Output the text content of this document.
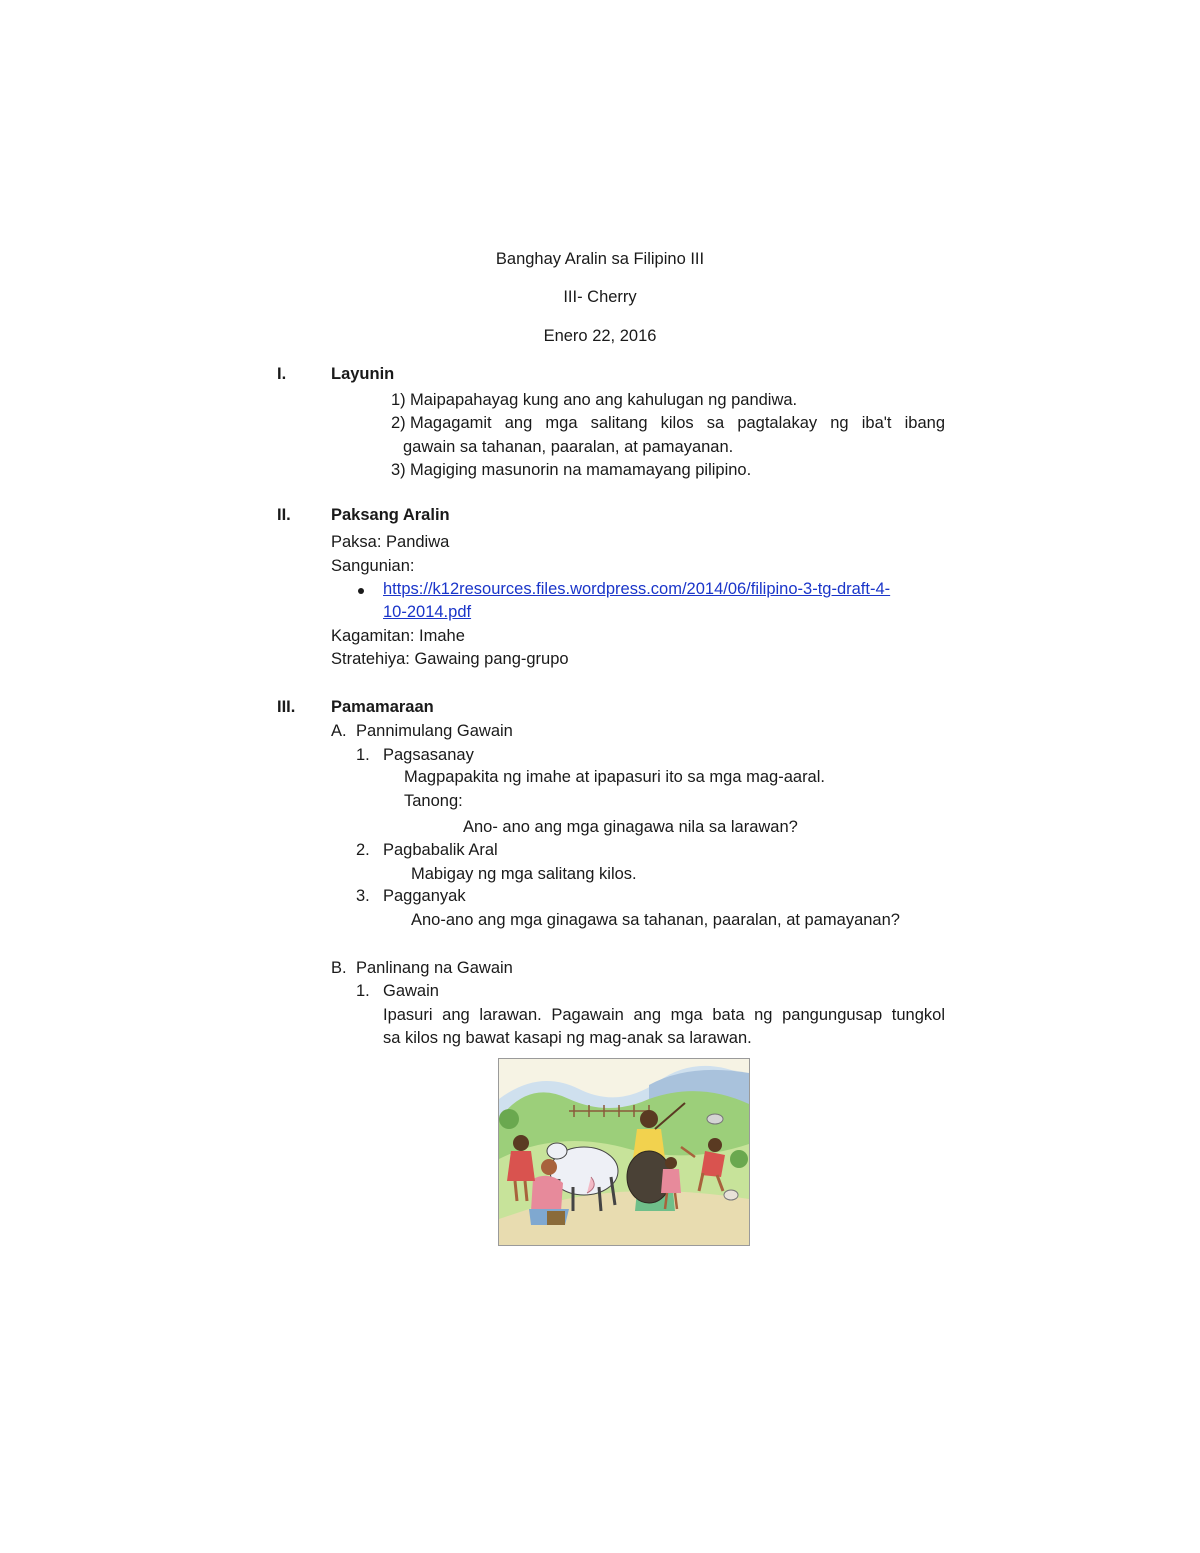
Banghay Aralin sa Filipino III
III- Cherry
Enero 22, 2016
I.	Layunin
1) Maipapahayag kung ano ang kahulugan ng pandiwa.
2) Magagamit ang mga salitang kilos sa pagtalakay ng iba't ibang
gawain sa tahanan, paaralan, at pamayanan.
3) Magiging masunorin na mamamayang pilipino.
II. Paksang Aralin
Paksa: Pandiwa
Sangunian:
https://k12resources.files.wordpress.com/2014/06/filipino-3-tg-draft-4-
10-2014.pdf
Kagamitan: Imahe
Stratehiya: Gawaing pang-grupo
III. Pamamaraan
A. Pannimulang Gawain
1. Pagsasanay
Magpapakita ng imahe at ipapasuri ito sa mga mag-aaral.
Tanong:
Ano- ano ang mga ginagawa nila sa larawan?
2. Pagbabalik Aral
Mabigay ng mga salitang kilos.
3. Pagganyak
Ano-ano ang mga ginagawa sa tahanan, paaralan, at pamayanan?
B. Panlinang na Gawain
1. Gawain
Ipasuri ang larawan. Pagawain ang mga bata ng pangungusap tungkol
sa kilos ng bawat kasapi ng mag-anak sa larawan.
